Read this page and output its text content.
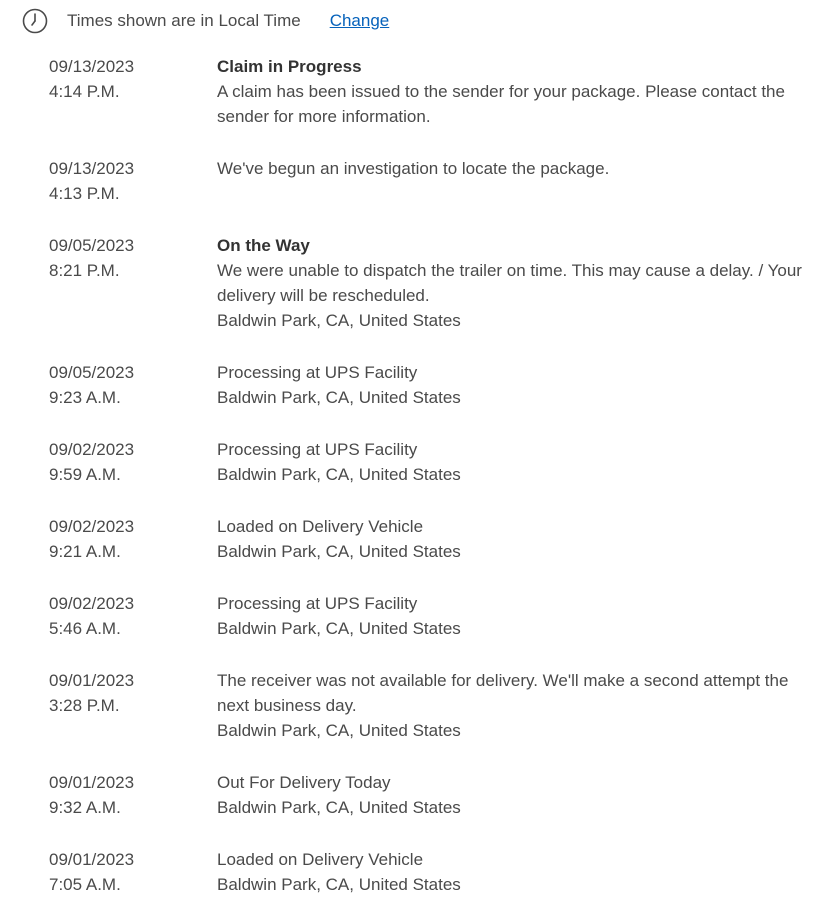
Times shown are in Local Time Change
09/13/2023
4:14 P.M.
Claim in Progress
A claim has been issued to the sender for your package. Please contact the sender for more information.
09/13/2023
4:13 P.M.
We've begun an investigation to locate the package.
09/05/2023
8:21 P.M.
On the Way
We were unable to dispatch the trailer on time. This may cause a delay. / Your delivery will be rescheduled.
Baldwin Park, CA, United States
09/05/2023
9:23 A.M.
Processing at UPS Facility
Baldwin Park, CA, United States
09/02/2023
9:59 A.M.
Processing at UPS Facility
Baldwin Park, CA, United States
09/02/2023
9:21 A.M.
Loaded on Delivery Vehicle
Baldwin Park, CA, United States
09/02/2023
5:46 A.M.
Processing at UPS Facility
Baldwin Park, CA, United States
09/01/2023
3:28 P.M.
The receiver was not available for delivery. We'll make a second attempt the next business day.
Baldwin Park, CA, United States
09/01/2023
9:32 A.M.
Out For Delivery Today
Baldwin Park, CA, United States
09/01/2023
7:05 A.M.
Loaded on Delivery Vehicle
Baldwin Park, CA, United States
